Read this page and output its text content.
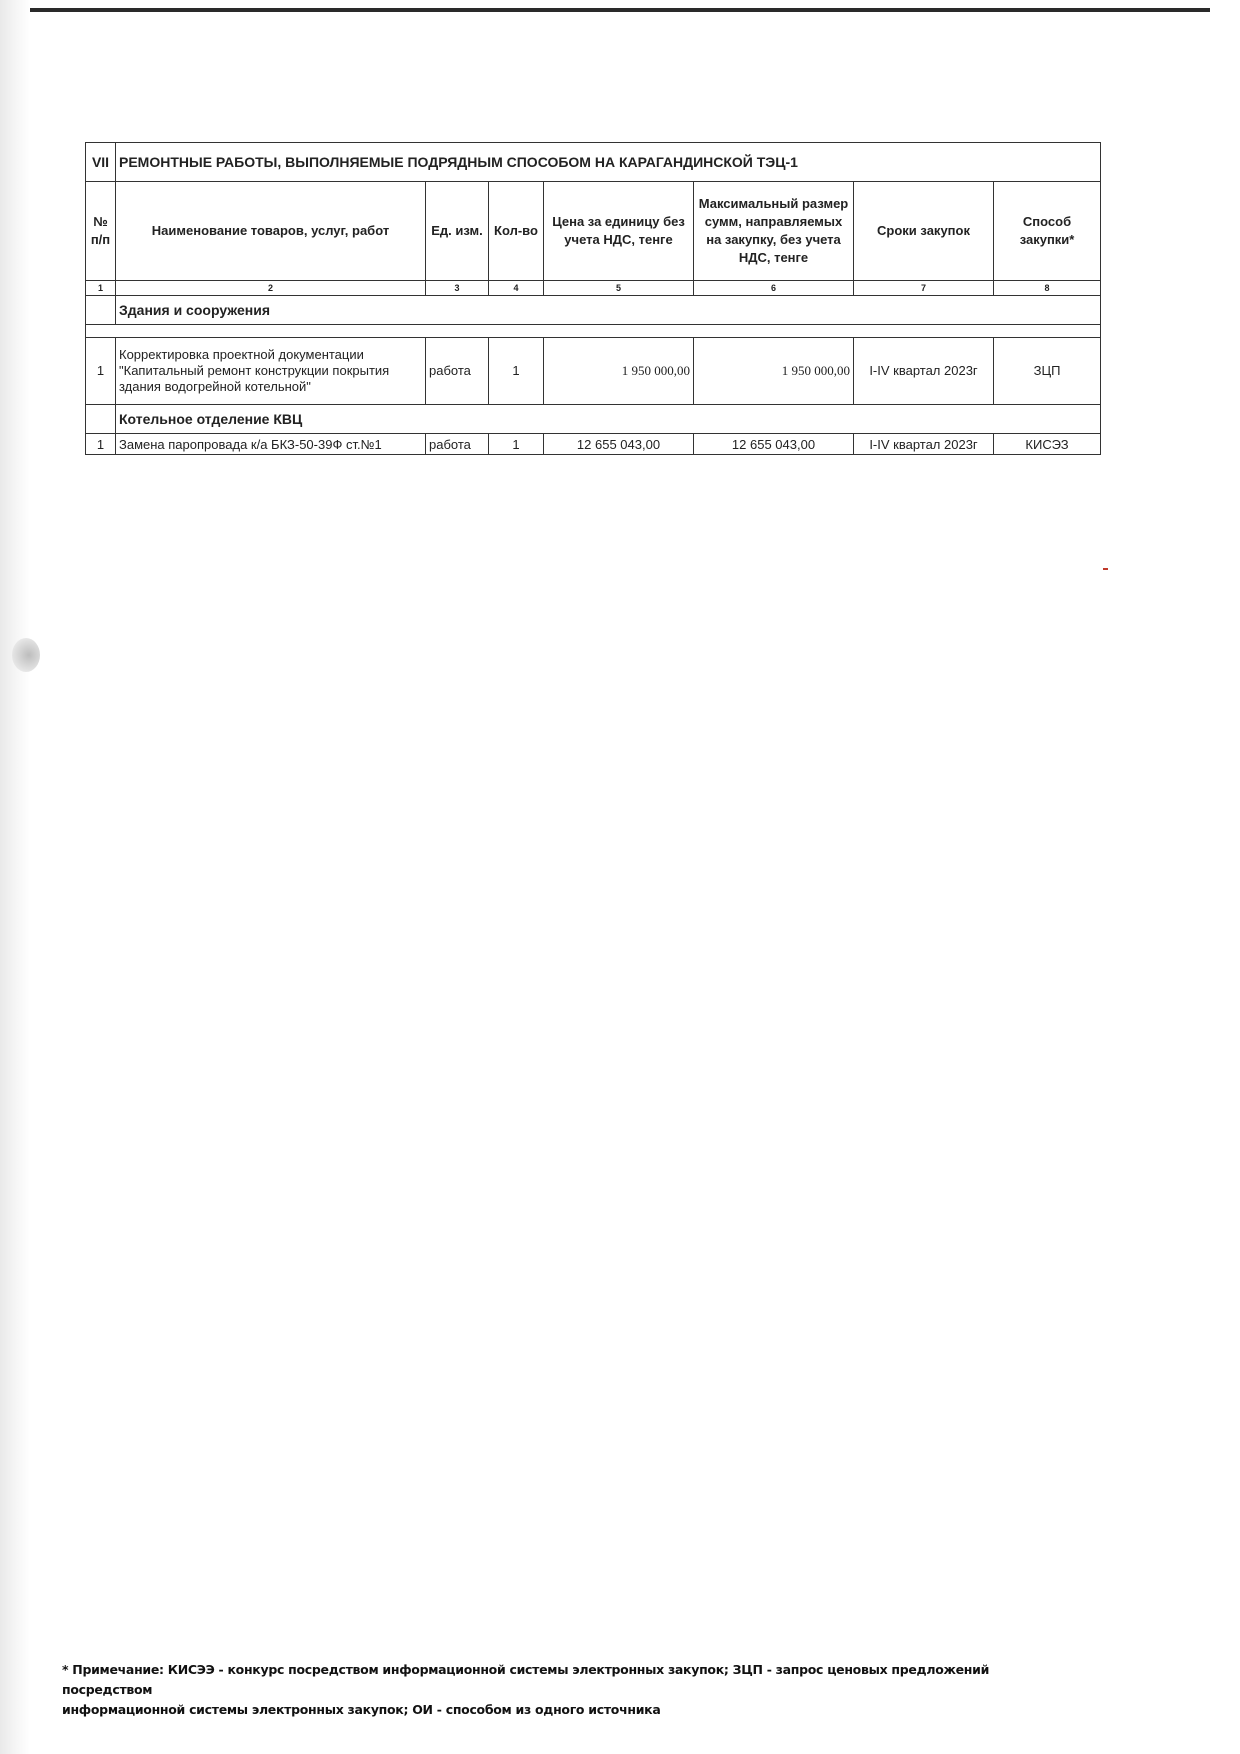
VII	РЕМОНТНЫЕ РАБОТЫ, ВЫПОЛНЯЕМЫЕ ПОДРЯДНЫМ СПОСОБОМ НА КАРАГАНДИНСКОЙ ТЭЦ-1						
№ п/п	Наименование товаров, услуг, работ	Ед. изм.	Кол-во	Цена за единицу без учета НДС, тенге	Максимальный размер сумм, направляемых на закупку, без учета НДС, тенге	Сроки закупок	Способ закупки*
1	2	3	4	5	6	7	8
	Здания и сооружения						

1	Корректировка проектной документации "Капитальный ремонт конструкции покрытия здания водогрейной котельной"	работа	1	1 950 000,00	1 950 000,00	I-IV квартал 2023г	ЗЦП
	Котельное отделение КВЦ						
1	Замена паропровада к/а БКЗ-50-39Ф ст.№1	работа	1	12 655 043,00	12 655 043,00	I-IV квартал 2023г	КИСЭЗ
* Примечание: КИСЭЭ - конкурс посредством информационной системы электронных закупок; ЗЦП - запрос ценовых предложений посредством
информационной системы электронных закупок; ОИ - способом из одного источника
